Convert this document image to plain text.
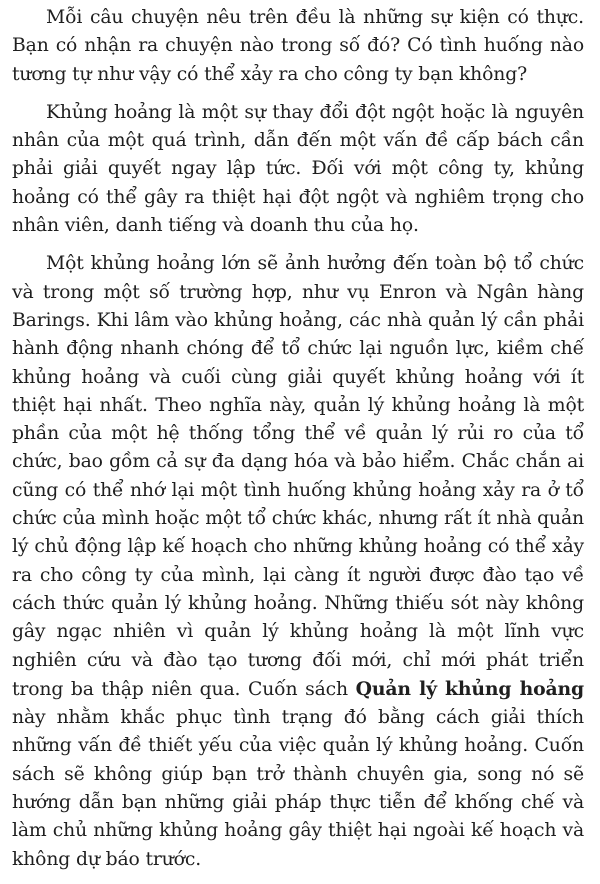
Mỗi câu chuyện nêu trên đều là những sự kiện có thực. Bạn có nhận ra chuyện nào trong số đó? Có tình huống nào tương tự như vậy có thể xảy ra cho công ty bạn không?

Khủng hoảng là một sự thay đổi đột ngột hoặc là nguyên nhân của một quá trình, dẫn đến một vấn đề cấp bách cần phải giải quyết ngay lập tức. Đối với một công ty, khủng hoảng có thể gây ra thiệt hại đột ngột và nghiêm trọng cho nhân viên, danh tiếng và doanh thu của họ.

Một khủng hoảng lớn sẽ ảnh hưởng đến toàn bộ tổ chức và trong một số trường hợp, như vụ Enron và Ngân hàng Barings. Khi lâm vào khủng hoảng, các nhà quản lý cần phải hành động nhanh chóng để tổ chức lại nguồn lực, kiềm chế khủng hoảng và cuối cùng giải quyết khủng hoảng với ít thiệt hại nhất. Theo nghĩa này, quản lý khủng hoảng là một phần của một hệ thống tổng thể về quản lý rủi ro của tổ chức, bao gồm cả sự đa dạng hóa và bảo hiểm. Chắc chắn ai cũng có thể nhớ lại một tình huống khủng hoảng xảy ra ở tổ chức của mình hoặc một tổ chức khác, nhưng rất ít nhà quản lý chủ động lập kế hoạch cho những khủng hoảng có thể xảy ra cho công ty của mình, lại càng ít người được đào tạo về cách thức quản lý khủng hoảng. Những thiếu sót này không gây ngạc nhiên vì quản lý khủng hoảng là một lĩnh vực nghiên cứu và đào tạo tương đối mới, chỉ mới phát triển trong ba thập niên qua. Cuốn sách Quản lý khủng hoảng này nhằm khắc phục tình trạng đó bằng cách giải thích những vấn đề thiết yếu của việc quản lý khủng hoảng. Cuốn sách sẽ không giúp bạn trở thành chuyên gia, song nó sẽ hướng dẫn bạn những giải pháp thực tiễn để khống chế và làm chủ những khủng hoảng gây thiệt hại ngoài kế hoạch và không dự báo trước.
